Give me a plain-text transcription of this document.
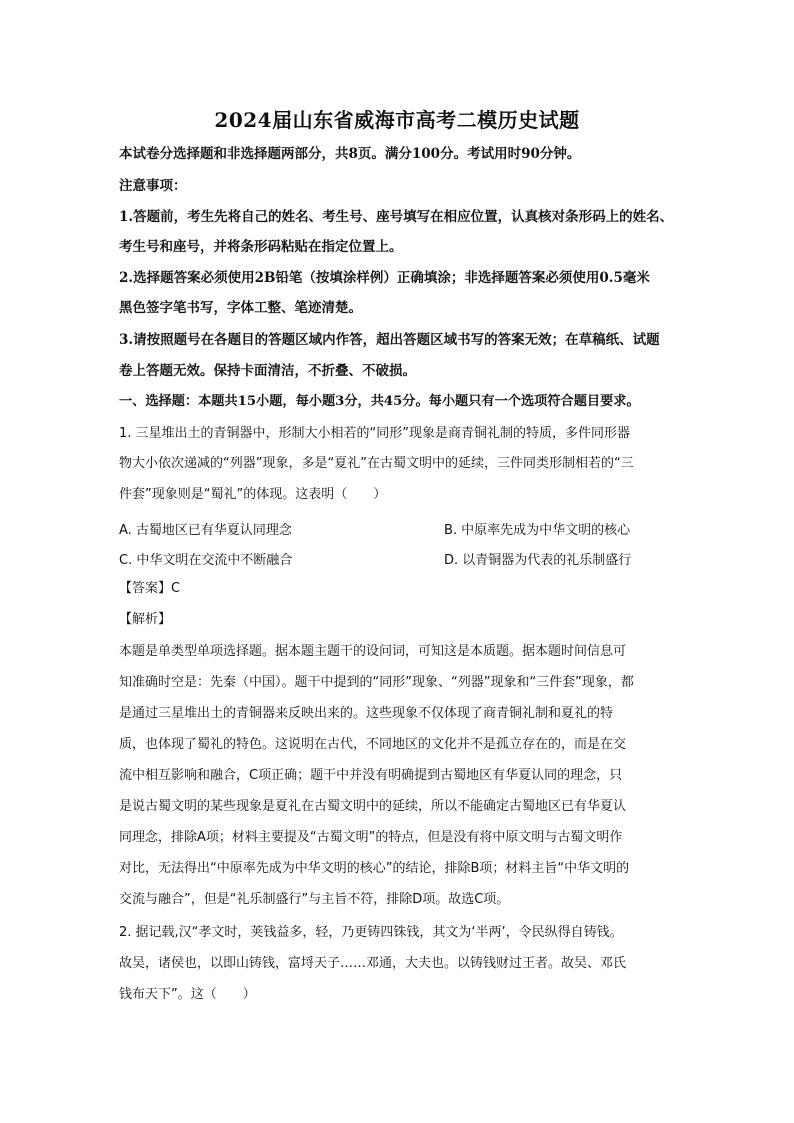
2024届山东省威海市高考二模历史试题
本试卷分选择题和非选择题两部分，共8页。满分100分。考试用时90分钟。
注意事项：
1.答题前，考生先将自己的姓名、考生号、座号填写在相应位置，认真核对条形码上的姓名、
考生号和座号，并将条形码粘贴在指定位置上。
2.选择题答案必须使用2B铅笔（按填涂样例）正确填涂；非选择题答案必须使用0.5毫米
黑色签字笔书写，字体工整、笔迹清楚。
3.请按照题号在各题目的答题区域内作答，超出答题区域书写的答案无效；在草稿纸、试题
卷上答题无效。保持卡面清洁，不折叠、不破损。
一、选择题：本题共15小题，每小题3分，共45分。每小题只有一个选项符合题目要求。
1. 三星堆出土的青铜器中，形制大小相若的“同形”现象是商青铜礼制的特质，多件同形器
物大小依次递减的“列器”现象，多是“夏礼”在古蜀文明中的延续，三件同类形制相若的“三
件套”现象则是“蜀礼”的体现。这表明（　　）
A. 古蜀地区已有华夏认同理念	B. 中原率先成为中华文明的核心
C. 中华文明在交流中不断融合	D. 以青铜器为代表的礼乐制盛行
【答案】C
【解析】
本题是单类型单项选择题。据本题主题干的设问词，可知这是本质题。据本题时间信息可
知准确时空是：先秦（中国）。题干中提到的“同形”现象、“列器”现象和“三件套”现象，都
是通过三星堆出土的青铜器来反映出来的。这些现象不仅体现了商青铜礼制和夏礼的特
质，也体现了蜀礼的特色。这说明在古代，不同地区的文化并不是孤立存在的，而是在交
流中相互影响和融合，C项正确；题干中并没有明确提到古蜀地区有华夏认同的理念，只
是说古蜀文明的某些现象是夏礼在古蜀文明中的延续，所以不能确定古蜀地区已有华夏认
同理念，排除A项；材料主要提及“古蜀文明”的特点，但是没有将中原文明与古蜀文明作
对比，无法得出“中原率先成为中华文明的核心”的结论，排除B项；材料主旨“中华文明的
交流与融合”，但是“礼乐制盛行”与主旨不符，排除D项。故选C项。
2. 据记载,汉“孝文时，荚钱益多，轻，乃更铸四铢钱，其文为‘半两’，令民纵得自铸钱。
故吴，诸侯也，以即山铸钱，富埒天子……邓通，大夫也。以铸钱财过王者。故吴、邓氏
钱布天下”。这（　　）
